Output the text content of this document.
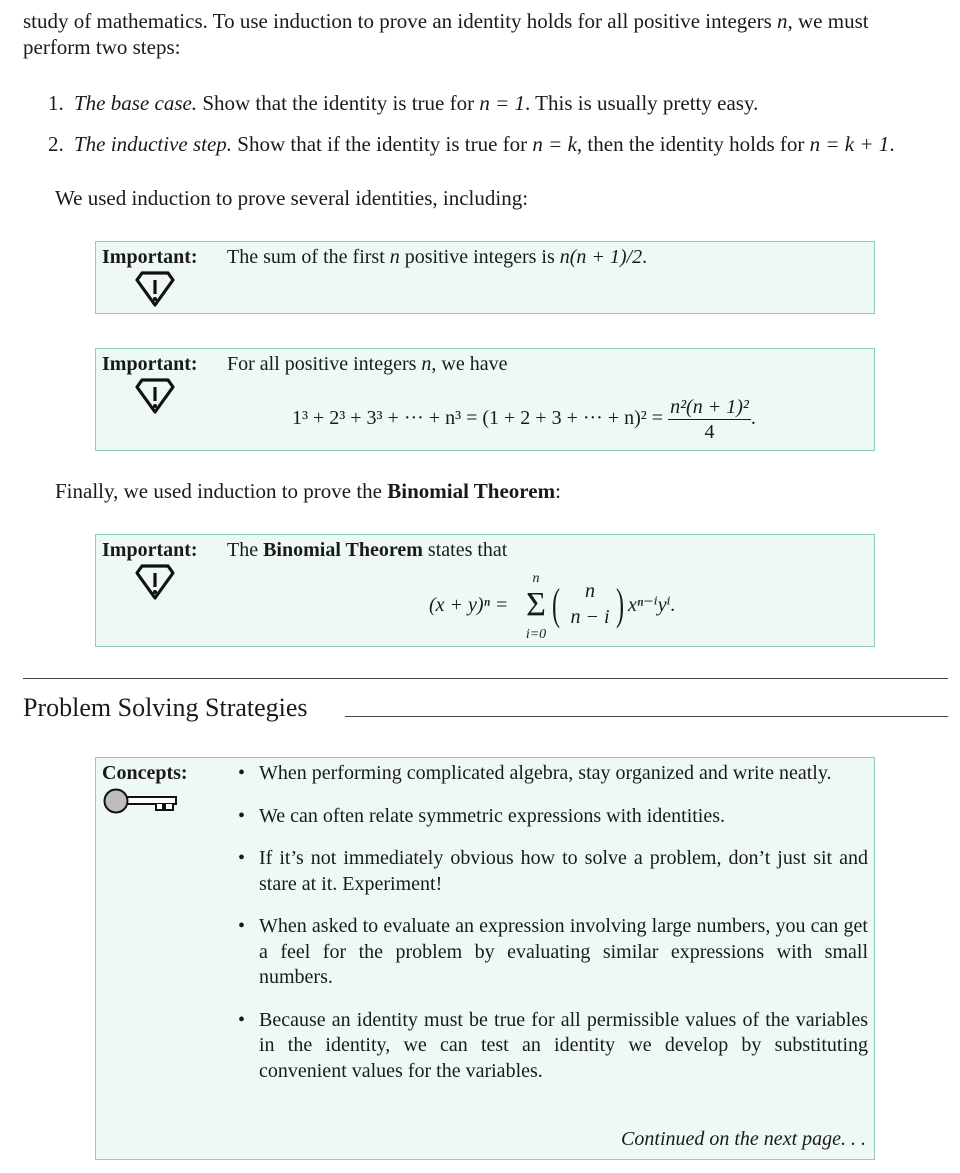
study of mathematics. To use induction to prove an identity holds for all positive integers n, we must
perform two steps:
1. The base case. Show that the identity is true for n = 1. This is usually pretty easy.
2. The inductive step. Show that if the identity is true for n = k, then the identity holds for n = k + 1.
We used induction to prove several identities, including:
Important: The sum of the first n positive integers is n(n + 1)/2.
Important: For all positive integers n, we have
1³ + 2³ + 3³ + ··· + n³ = (1 + 2 + 3 + ··· + $n)^2 = \frac{\text{n²(n + 1)²}}{4}$ .
Finally, we used induction to prove the Binomial Theorem:
Important: The Binomial Theorem states that
(x + y)ⁿ =
n
Σ
i=0
(	n
n − i ) xⁿ⁻ⁱyⁱ.
Problem Solving Strategies
Concepts:	• When performing complicated algebra, stay organized and write neatly.
• We can often relate symmetric expressions with identities.
• If it’s not immediately obvious how to solve a problem, don’t just sit and stare at it. Experiment!
• When asked to evaluate an expression involving large numbers, you can get a feel for the problem by evaluating similar expressions with small numbers.
• Because an identity must be true for all permissible values of the variables in the identity, we can test an identity we develop by substituting convenient values for the variables.
Continued on the next page. . .
